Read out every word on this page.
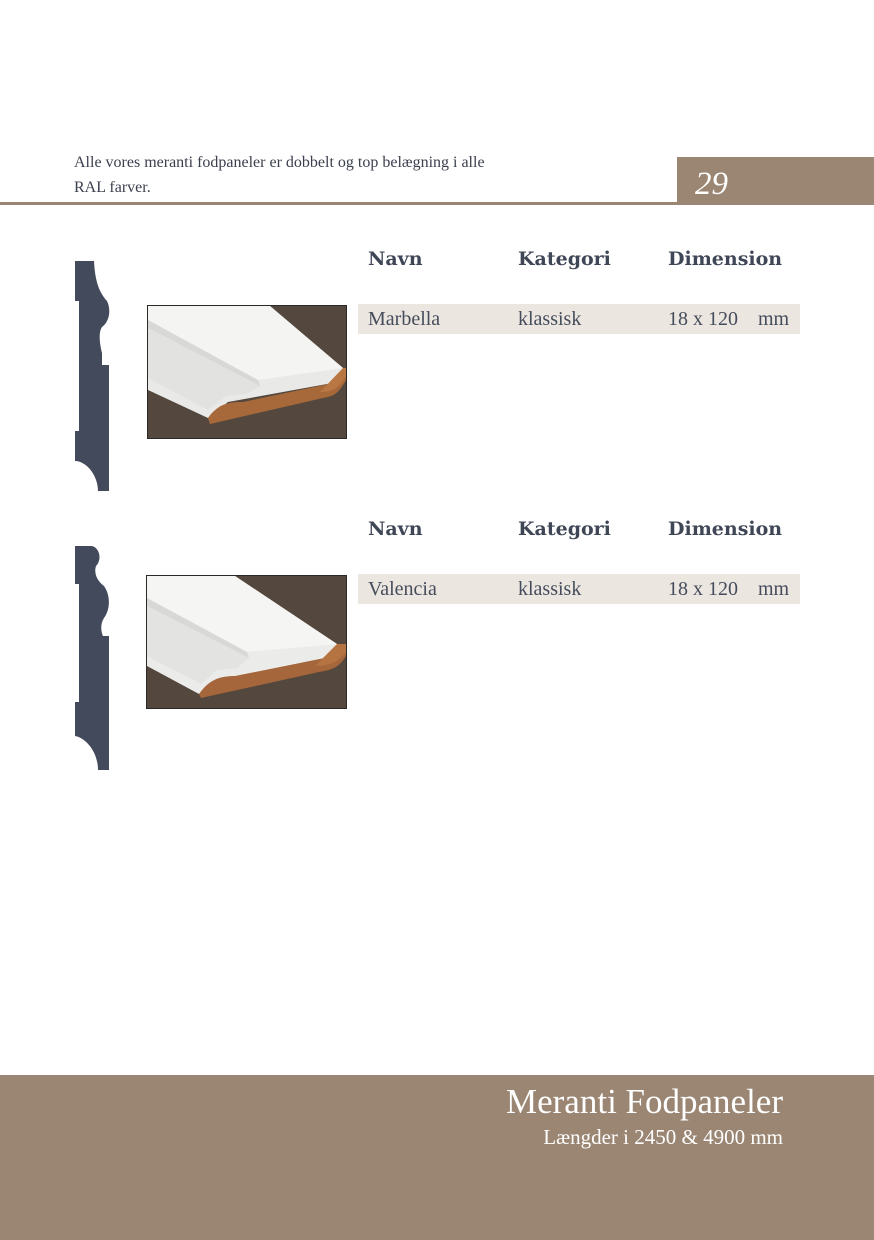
Alle vores meranti fodpaneler er dobbelt og top belægning i alle
RAL farver.	29
Navn	Kategori	Dimension
Marbella	klassisk	18 x 120 mm
Navn	Kategori	Dimension
Valencia	klassisk	18 x 120 mm
Meranti Fodpaneler
Længder i 2450 & 4900 mm
